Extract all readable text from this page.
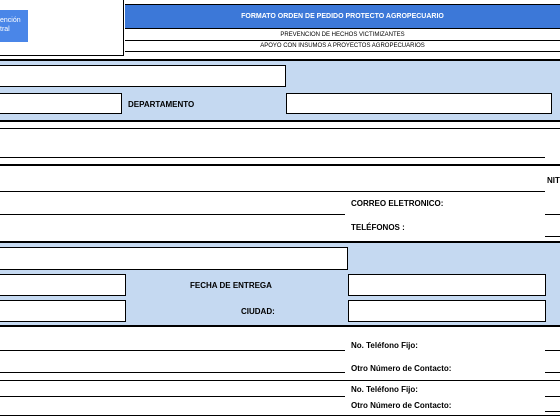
ención
tral
FORMATO ORDEN DE PEDIDO PROTECTO AGROPECUARIO
PREVENCION DE HECHOS VICTIMIZANTES
APOYO CON INSUMOS A PROYECTOS AGROPECUARIOS
DEPARTAMENTO
NIT
CORREO ELETRONICO:
TELÉFONOS :
FECHA DE ENTREGA
CIUDAD:
No. Teléfono Fijo:
Otro Número de Contacto:
No. Teléfono Fijo:
Otro Número de Contacto:
